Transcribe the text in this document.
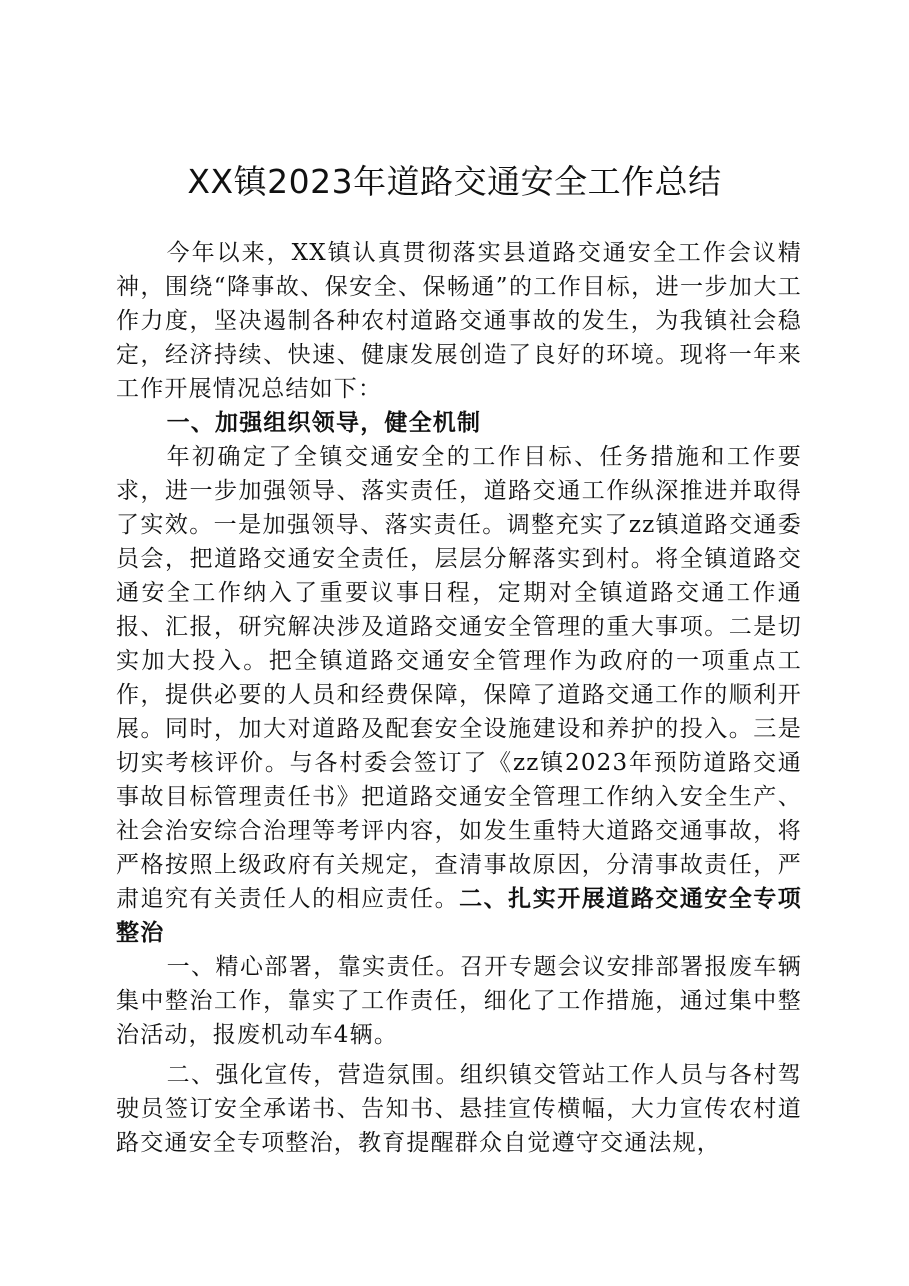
XX镇2023年道路交通安全工作总结

今年以来，XX镇认真贯彻落实县道路交通安全工作会议精神，围绕“降事故、保安全、保畅通”的工作目标，进一步加大工作力度，坚决遏制各种农村道路交通事故的发生，为我镇社会稳定，经济持续、快速、健康发展创造了良好的环境。现将一年来工作开展情况总结如下：

一、加强组织领导，健全机制

年初确定了全镇交通安全的工作目标、任务措施和工作要求，进一步加强领导、落实责任，道路交通工作纵深推进并取得了实效。一是加强领导、落实责任。调整充实了zz镇道路交通委员会，把道路交通安全责任，层层分解落实到村。将全镇道路交通安全工作纳入了重要议事日程，定期对全镇道路交通工作通报、汇报，研究解决涉及道路交通安全管理的重大事项。二是切实加大投入。把全镇道路交通安全管理作为政府的一项重点工作，提供必要的人员和经费保障，保障了道路交通工作的顺利开展。同时，加大对道路及配套安全设施建设和养护的投入。三是切实考核评价。与各村委会签订了《zz镇2023年预防道路交通事故目标管理责任书》把道路交通安全管理工作纳入安全生产、社会治安综合治理等考评内容，如发生重特大道路交通事故，将严格按照上级政府有关规定，查清事故原因，分清事故责任，严肃追究有关责任人的相应责任。二、扎实开展道路交通安全专项整治

一、精心部署，靠实责任。召开专题会议安排部署报废车辆集中整治工作，靠实了工作责任，细化了工作措施，通过集中整治活动，报废机动车4辆。

二、强化宣传，营造氛围。组织镇交管站工作人员与各村驾驶员签订安全承诺书、告知书、悬挂宣传横幅，大力宣传农村道路交通安全专项整治，教育提醒群众自觉遵守交通法规，
